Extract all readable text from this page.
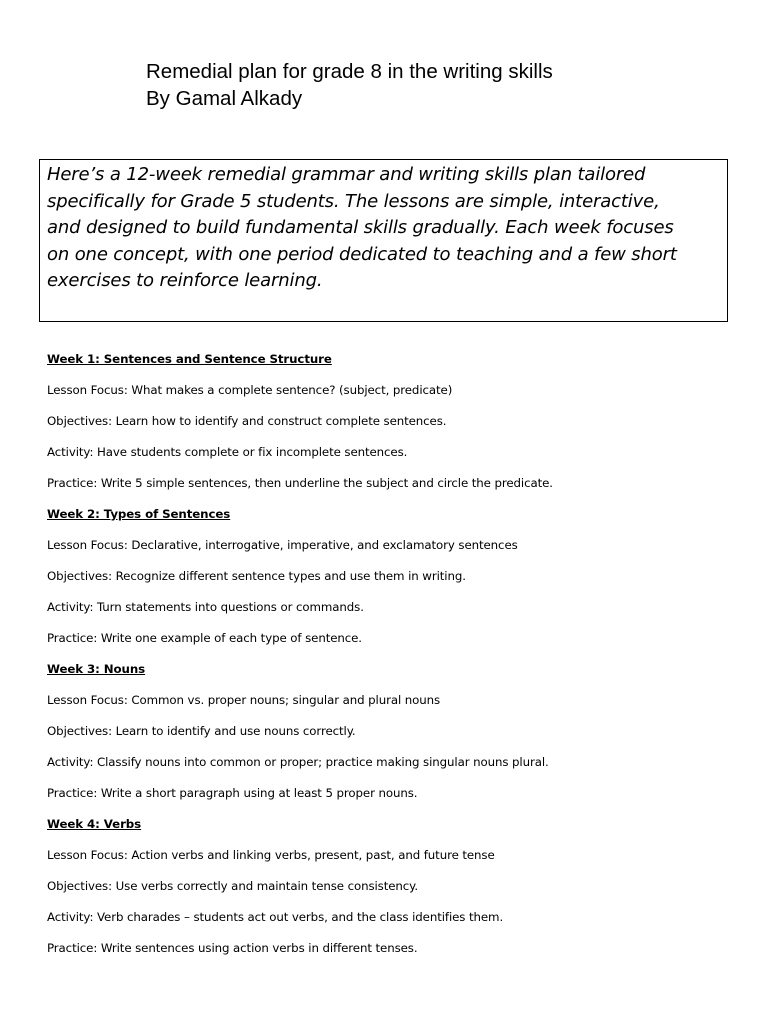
Remedial plan for grade 8 in the writing skills
By Gamal Alkady
Here’s a 12-week remedial grammar and writing skills plan tailored
specifically for Grade 5 students. The lessons are simple, interactive,
and designed to build fundamental skills gradually. Each week focuses
on one concept, with one period dedicated to teaching and a few short
exercises to reinforce learning.
Week 1: Sentences and Sentence Structure
Lesson Focus: What makes a complete sentence? (subject, predicate)
Objectives: Learn how to identify and construct complete sentences.
Activity: Have students complete or fix incomplete sentences.
Practice: Write 5 simple sentences, then underline the subject and circle the predicate.
Week 2: Types of Sentences
Lesson Focus: Declarative, interrogative, imperative, and exclamatory sentences
Objectives: Recognize different sentence types and use them in writing.
Activity: Turn statements into questions or commands.
Practice: Write one example of each type of sentence.
Week 3: Nouns
Lesson Focus: Common vs. proper nouns; singular and plural nouns
Objectives: Learn to identify and use nouns correctly.
Activity: Classify nouns into common or proper; practice making singular nouns plural.
Practice: Write a short paragraph using at least 5 proper nouns.
Week 4: Verbs
Lesson Focus: Action verbs and linking verbs, present, past, and future tense
Objectives: Use verbs correctly and maintain tense consistency.
Activity: Verb charades – students act out verbs, and the class identifies them.
Practice: Write sentences using action verbs in different tenses.
